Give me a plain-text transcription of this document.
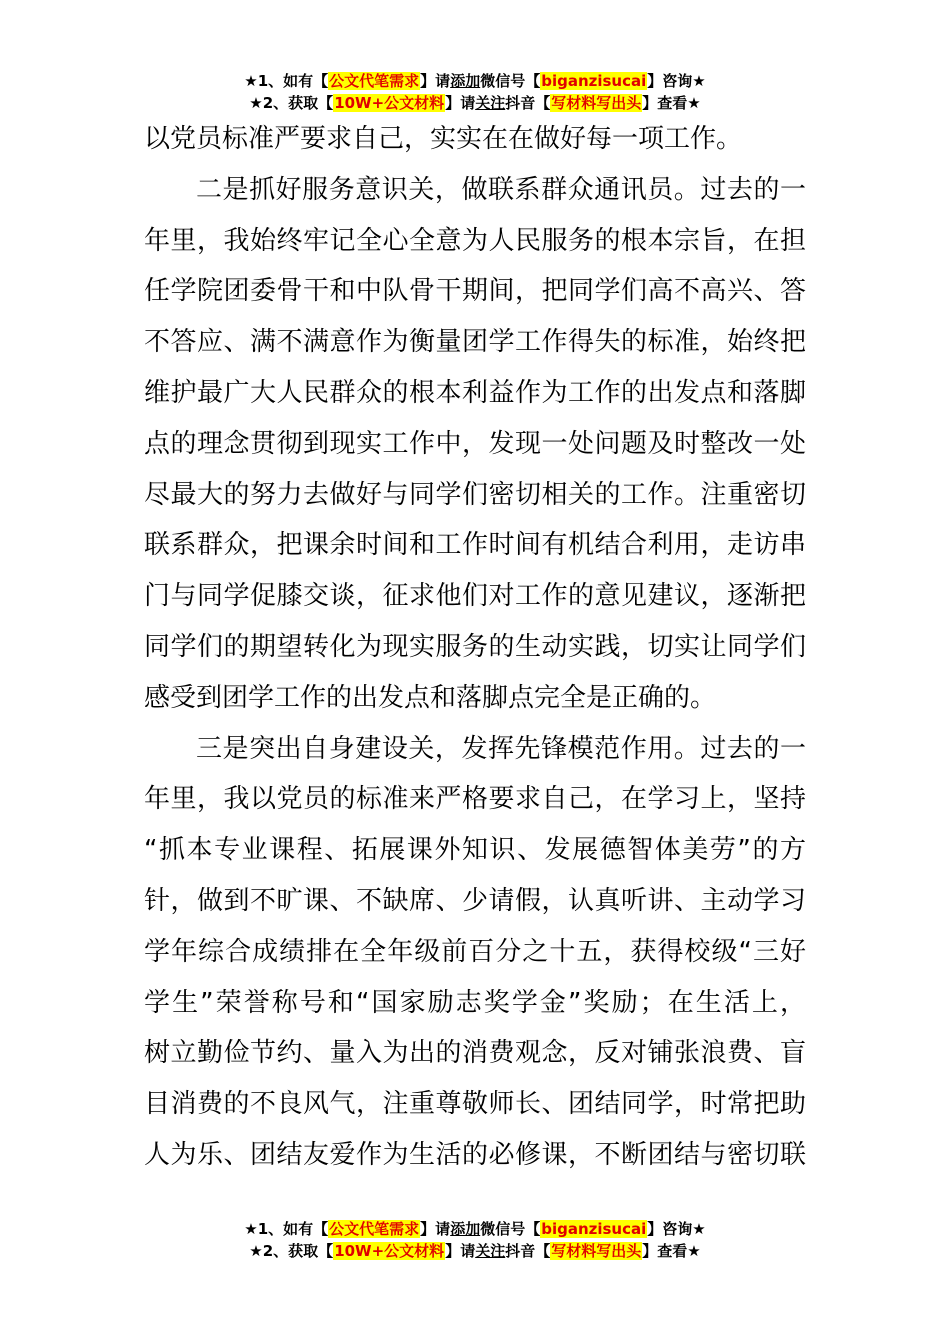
★1、如有【公文代笔需求】请添加微信号【biganzisucai】咨询★
★2、获取【10W+公文材料】请关注抖音【写材料写出头】查看★
以党员标准严要求自己，实实在在做好每一项工作。
二是抓好服务意识关，做联系群众通讯员。过去的一
年里，我始终牢记全心全意为人民服务的根本宗旨，在担
任学院团委骨干和中队骨干期间，把同学们高不高兴、答
不答应、满不满意作为衡量团学工作得失的标准，始终把
维护最广大人民群众的根本利益作为工作的出发点和落脚
点的理念贯彻到现实工作中，发现一处问题及时整改一处
尽最大的努力去做好与同学们密切相关的工作。注重密切
联系群众，把课余时间和工作时间有机结合利用，走访串
门与同学促膝交谈，征求他们对工作的意见建议，逐渐把
同学们的期望转化为现实服务的生动实践，切实让同学们
感受到团学工作的出发点和落脚点完全是正确的。
三是突出自身建设关，发挥先锋模范作用。过去的一
年里，我以党员的标准来严格要求自己，在学习上，坚持
“抓本专业课程、拓展课外知识、发展德智体美劳”的方
针，做到不旷课、不缺席、少请假，认真听讲、主动学习
学年综合成绩排在全年级前百分之十五，获得校级“三好
学生”荣誉称号和“国家励志奖学金”奖励；在生活上，
树立勤俭节约、量入为出的消费观念，反对铺张浪费、盲
目消费的不良风气，注重尊敬师长、团结同学，时常把助
人为乐、团结友爱作为生活的必修课，不断团结与密切联
★1、如有【公文代笔需求】请添加微信号【biganzisucai】咨询★
★2、获取【10W+公文材料】请关注抖音【写材料写出头】查看★
